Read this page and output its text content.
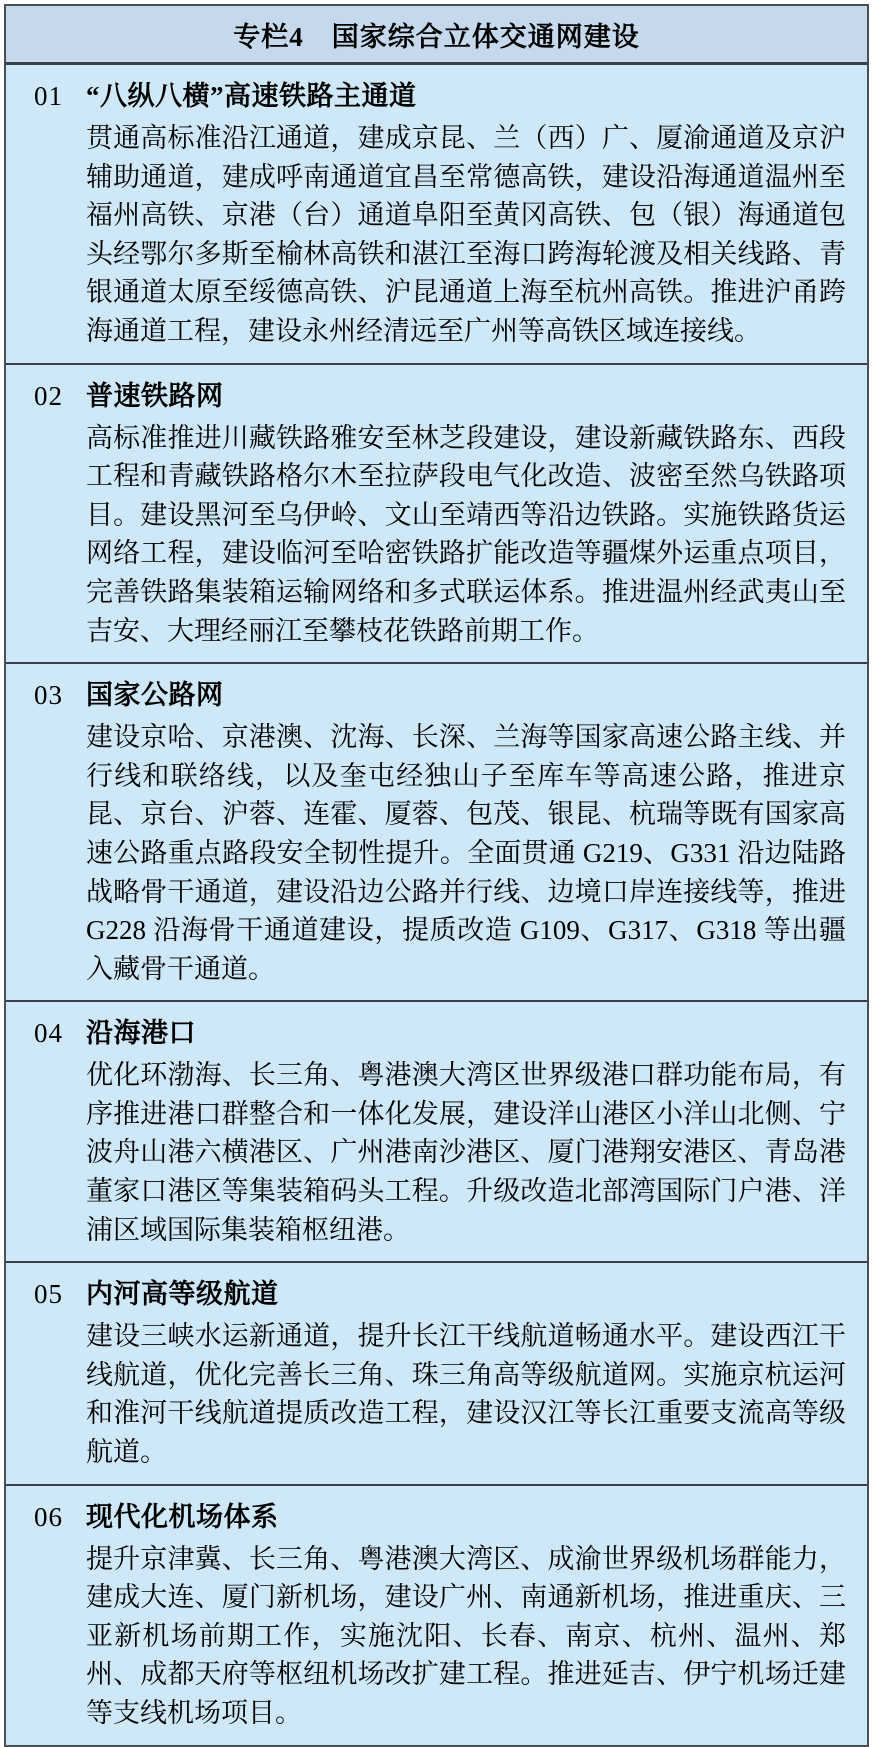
专栏4　国家综合立体交通网建设
01 “八纵八横”高速铁路主通道
贯通高标准沿江通道，建成京昆、兰（西）广、厦渝通道及京沪辅助通道，建成呼南通道宜昌至常德高铁，建设沿海通道温州至福州高铁、京港（台）通道阜阳至黄冈高铁、包（银）海通道包头经鄂尔多斯至榆林高铁和湛江至海口跨海轮渡及相关线路、青银通道太原至绥德高铁、沪昆通道上海至杭州高铁。推进沪甬跨海通道工程，建设永州经清远至广州等高铁区域连接线。
02 普速铁路网
高标准推进川藏铁路雅安至林芝段建设，建设新藏铁路东、西段工程和青藏铁路格尔木至拉萨段电气化改造、波密至然乌铁路项目。建设黑河至乌伊岭、文山至靖西等沿边铁路。实施铁路货运网络工程，建设临河至哈密铁路扩能改造等疆煤外运重点项目，完善铁路集装箱运输网络和多式联运体系。推进温州经武夷山至吉安、大理经丽江至攀枝花铁路前期工作。
03 国家公路网
建设京哈、京港澳、沈海、长深、兰海等国家高速公路主线、并行线和联络线，以及奎屯经独山子至库车等高速公路，推进京昆、京台、沪蓉、连霍、厦蓉、包茂、银昆、杭瑞等既有国家高速公路重点路段安全韧性提升。全面贯通 G219、G331 沿边陆路战略骨干通道，建设沿边公路并行线、边境口岸连接线等，推进 G228 沿海骨干通道建设，提质改造 G109、G317、G318 等出疆入藏骨干通道。
04 沿海港口
优化环渤海、长三角、粤港澳大湾区世界级港口群功能布局，有序推进港口群整合和一体化发展，建设洋山港区小洋山北侧、宁波舟山港六横港区、广州港南沙港区、厦门港翔安港区、青岛港董家口港区等集装箱码头工程。升级改造北部湾国际门户港、洋浦区域国际集装箱枢纽港。
05 内河高等级航道
建设三峡水运新通道，提升长江干线航道畅通水平。建设西江干线航道，优化完善长三角、珠三角高等级航道网。实施京杭运河和淮河干线航道提质改造工程，建设汉江等长江重要支流高等级航道。
06 现代化机场体系
提升京津冀、长三角、粤港澳大湾区、成渝世界级机场群能力，建成大连、厦门新机场，建设广州、南通新机场，推进重庆、三亚新机场前期工作，实施沈阳、长春、南京、杭州、温州、郑州、成都天府等枢纽机场改扩建工程。推进延吉、伊宁机场迁建等支线机场项目。
